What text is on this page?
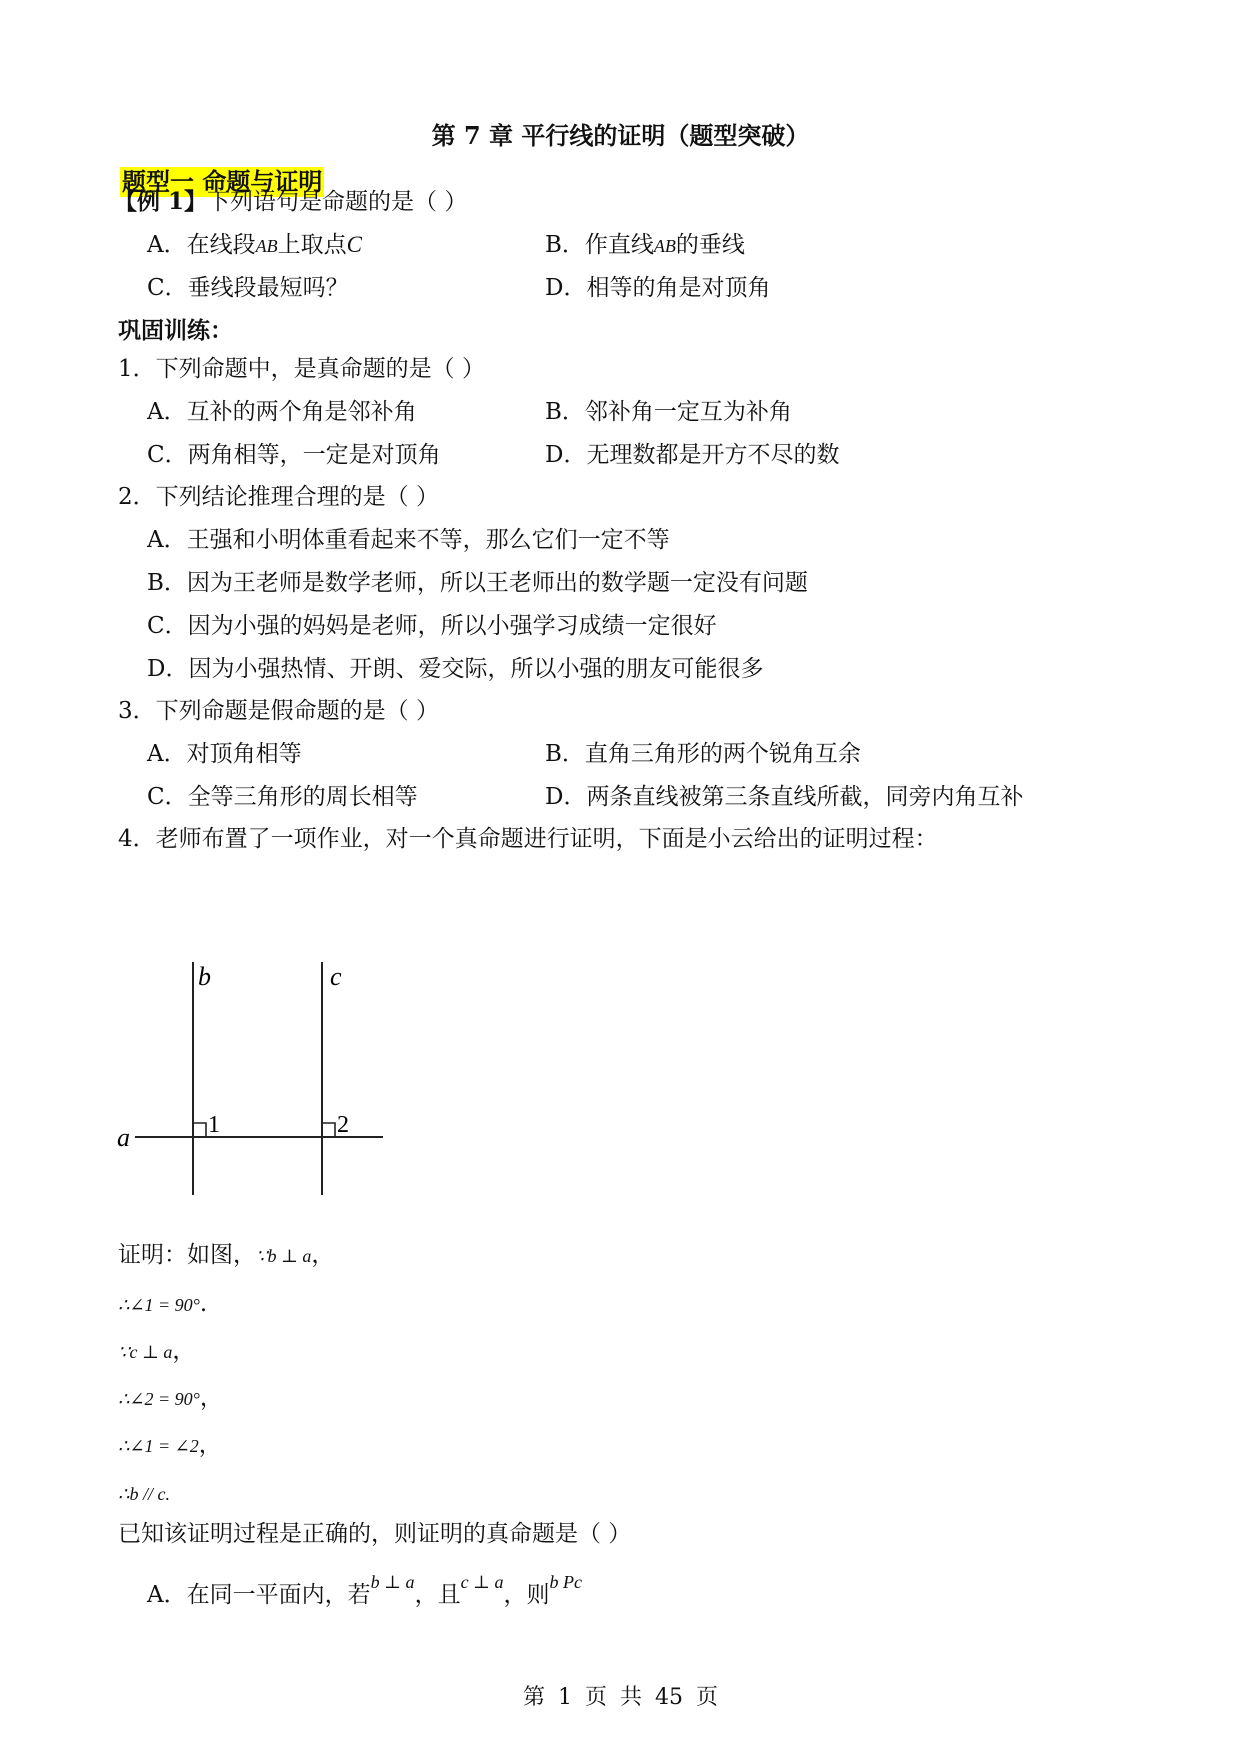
第 7 章 平行线的证明（题型突破）
题型一 命题与证明
【例 1】下列语句是命题的是（ ）
A．在线段AB上取点C	B．作直线AB的垂线
C．垂线段最短吗？	D．相等的角是对顶角
巩固训练：
1．下列命题中，是真命题的是（ ）
A．互补的两个角是邻补角	B．邻补角一定互为补角
C．两角相等，一定是对顶角	D．无理数都是开方不尽的数
2．下列结论推理合理的是（ ）
A．王强和小明体重看起来不等，那么它们一定不等
B．因为王老师是数学老师，所以王老师出的数学题一定没有问题
C．因为小强的妈妈是老师，所以小强学习成绩一定很好
D．因为小强热情、开朗、爱交际，所以小强的朋友可能很多
3．下列命题是假命题的是（ ）
A．对顶角相等	B．直角三角形的两个锐角互余
C．全等三角形的周长相等	D．两条直线被第三条直线所截，同旁内角互补
4．老师布置了一项作业，对一个真命题进行证明，下面是小云给出的证明过程：
b	c
a	1	2
证明：如图，∵b ⊥ a，
∴∠1 = 90°.
∵c ⊥ a，
∴∠2 = 90°，
∴∠1 = ∠2，
∴b // c.
已知该证明过程是正确的，则证明的真命题是（ ）
A．在同一平面内，若$^{b \perp a}$，且$^{c \perp a}$，则$^{b Pc}$
第 1 页 共 45 页
